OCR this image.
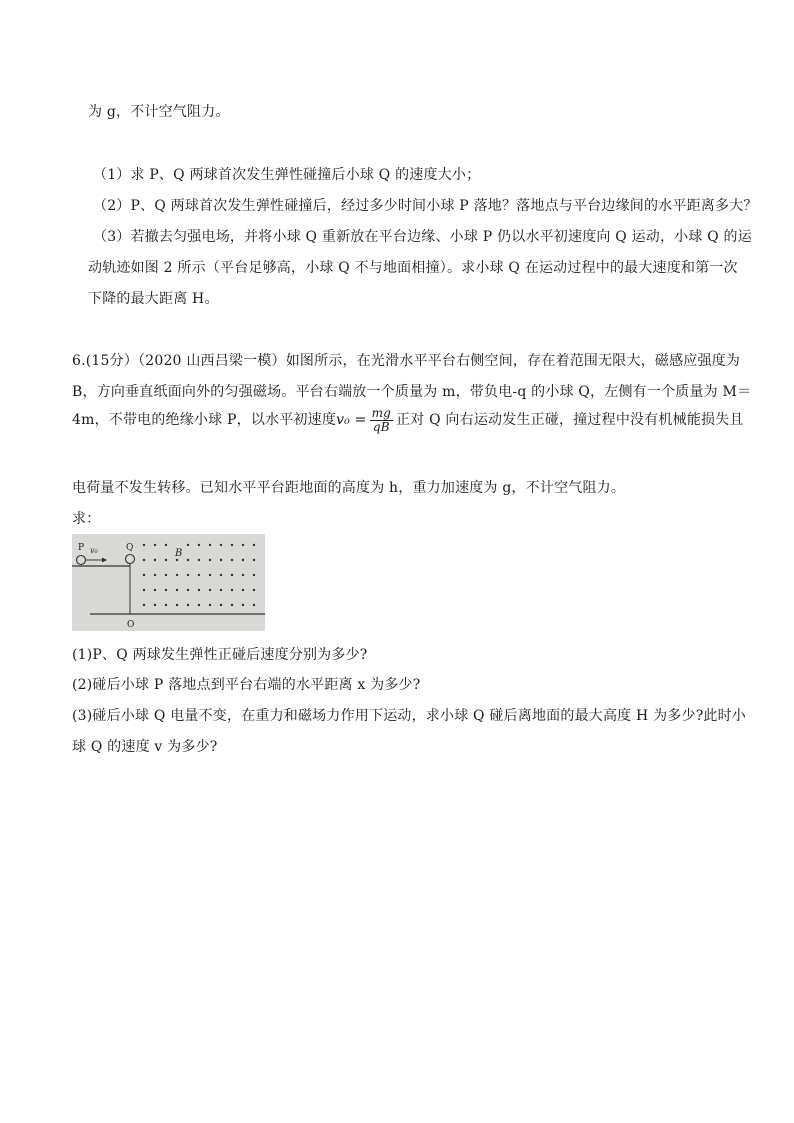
为 g，不计空气阻力。
（1）求 P、Q 两球首次发生弹性碰撞后小球 Q 的速度大小；
（2）P、Q 两球首次发生弹性碰撞后，经过多少时间小球 P 落地？落地点与平台边缘间的水平距离多大？
（3）若撤去匀强电场，并将小球 Q 重新放在平台边缘、小球 P 仍以水平初速度向 Q 运动，小球 Q 的运
动轨迹如图 2 所示（平台足够高，小球 Q 不与地面相撞）。求小球 Q 在运动过程中的最大速度和第一次
下降的最大距离 H。
6.(15分）（2020 山西吕梁一模）如图所示，在光滑水平平台右侧空间，存在着范围无限大，磁感应强度为
B，方向垂直纸面向外的匀强磁场。平台右端放一个质量为 m，带负电-q 的小球 Q，左侧有一个质量为 M＝
4m，不带电的绝缘小球 P，以水平初速度$v_0 = \frac{mg}{qB}$ 正对 Q 向右运动发生正碰，撞过程中没有机械能损失且
电荷量不发生转移。已知水平平台距地面的高度为 h，重力加速度为 g，不计空气阻力。
求：
P v₀	Q	B
O
(1)P、Q 两球发生弹性正碰后速度分别为多少?
(2)碰后小球 P 落地点到平台右端的水平距离 x 为多少?
(3)碰后小球 Q 电量不变，在重力和磁场力作用下运动，求小球 Q 碰后离地面的最大高度 H 为多少?此时小
球 Q 的速度 v 为多少?
